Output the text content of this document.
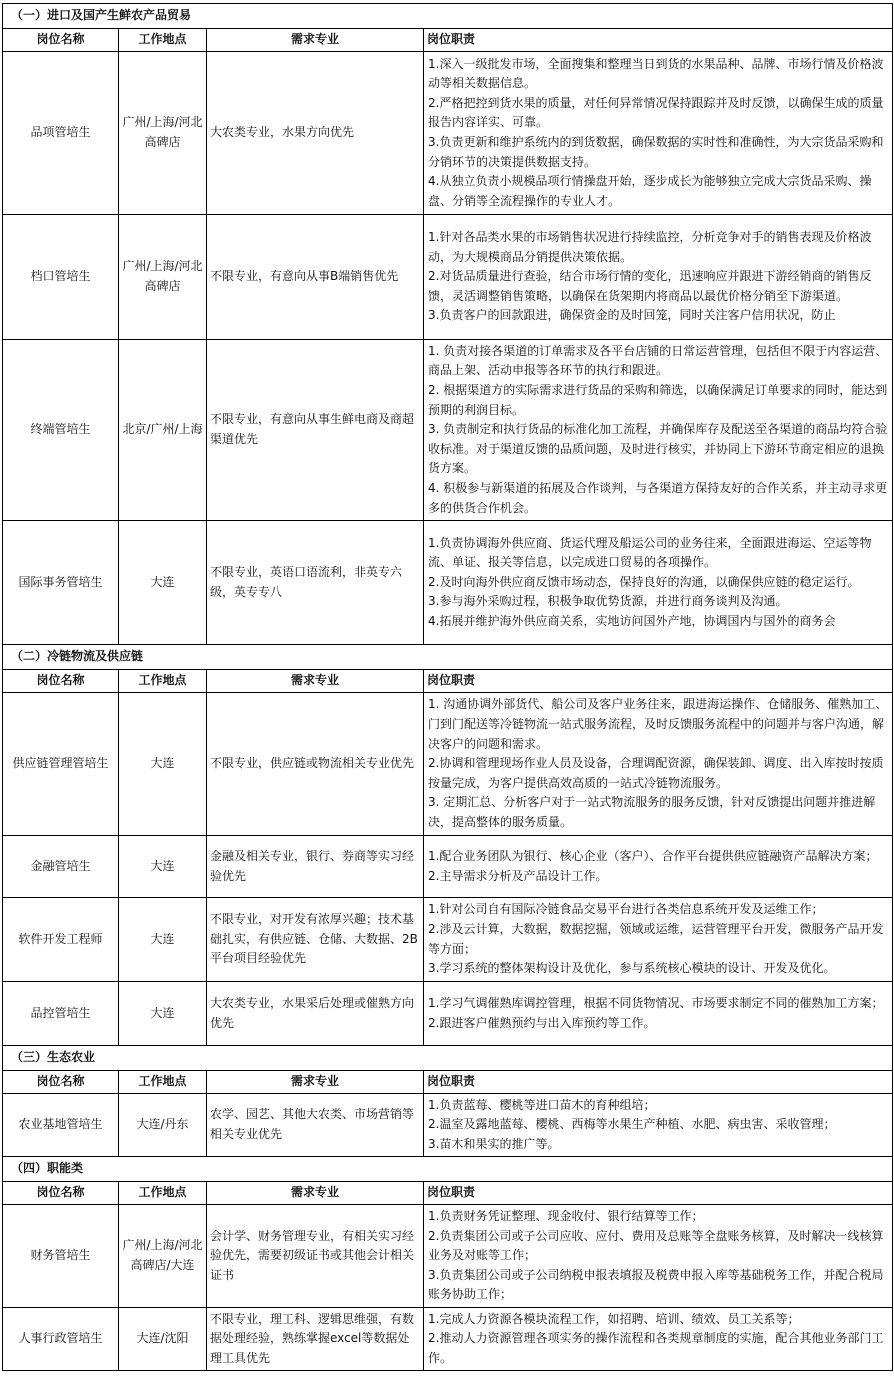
（一）进口及国产生鲜农产品贸易			
岗位名称	工作地点	需求专业	岗位职责
品项管培生	广州/上海/河北高碑店	大农类专业，水果方向优先	1.深入一级批发市场，全面搜集和整理当日到货的水果品种、品牌、市场行情及价格波动等相关数据信息。
2.严格把控到货水果的质量，对任何异常情况保持跟踪并及时反馈，以确保生成的质量报告内容详实、可靠。
3.负责更新和维护系统内的到货数据，确保数据的实时性和准确性，为大宗货品采购和分销环节的决策提供数据支持。
4.从独立负责小规模品项行情操盘开始，逐步成长为能够独立完成大宗货品采购、操盘、分销等全流程操作的专业人才。

档口管培生	广州/上海/河北高碑店	不限专业，有意向从事B端销售优先	1.针对各品类水果的市场销售状况进行持续监控，分析竞争对手的销售表现及价格波动，为大规模商品分销提供决策依据。
2.对货品质量进行查验，结合市场行情的变化，迅速响应并跟进下游经销商的销售反馈，灵活调整销售策略，以确保在货架期内将商品以最优价格分销至下游渠道。
3.负责客户的回款跟进，确保资金的及时回笼，同时关注客户信用状况，防止

终端管培生	北京/广州/上海	不限专业，有意向从事生鲜电商及商超渠道优先	1. 负责对接各渠道的订单需求及各平台店铺的日常运营管理，包括但不限于内容运营、商品上架、活动申报等各环节的执行和跟进。
2. 根据渠道方的实际需求进行货品的采购和筛选，以确保满足订单要求的同时，能达到预期的利润目标。
3. 负责制定和执行货品的标准化加工流程，并确保库存及配送至各渠道的商品均符合验收标准。对于渠道反馈的品质问题，及时进行核实，并协同上下游环节商定相应的退换货方案。
4. 积极参与新渠道的拓展及合作谈判，与各渠道方保持友好的合作关系，并主动寻求更多的供货合作机会。

国际事务管培生	大连	不限专业，英语口语流利，非英专六级，英专专八	1.负责协调海外供应商、货运代理及船运公司的业务往来，全面跟进海运、空运等物流、单证、报关等信息，以完成进口贸易的各项操作。
2.及时向海外供应商反馈市场动态，保持良好的沟通，以确保供应链的稳定运行。
3.参与海外采购过程，积极争取优势货源，并进行商务谈判及沟通。
4.拓展并维护海外供应商关系，实地访问国外产地，协调国内与国外的商务会

（二）冷链物流及供应链			
岗位名称	工作地点	需求专业	岗位职责
供应链管理管培生	大连	不限专业，供应链或物流相关专业优先	1. 沟通协调外部货代、船公司及客户业务往来，跟进海运操作、仓储服务、催熟加工、门到门配送等冷链物流一站式服务流程，及时反馈服务流程中的问题并与客户沟通，解决客户的问题和需求。
2.协调和管理现场作业人员及设备，合理调配资源，确保装卸、调度、出入库按时按质按量完成，为客户提供高效高质的一站式冷链物流服务。
3. 定期汇总、分析客户对于一站式物流服务的服务反馈，针对反馈提出问题并推进解决，提高整体的服务质量。

金融管培生	大连	金融及相关专业，银行、券商等实习经验优先	1.配合业务团队为银行、核心企业（客户）、合作平台提供供应链融资产品解决方案；
2.主导需求分析及产品设计工作。

软件开发工程师	大连	不限专业，对开发有浓厚兴趣；技术基础扎实，有供应链、仓储、大数据、2B平台项目经验优先	1.针对公司自有国际冷链食品交易平台进行各类信息系统开发及运维工作；
2.涉及云计算，大数据，数据挖掘，领域或运维，运营管理平台开发，微服务产品开发等方面；
3.学习系统的整体架构设计及优化，参与系统核心模块的设计、开发及优化。

品控管培生	大连	大农类专业，水果采后处理或催熟方向优先	1.学习气调催熟库调控管理，根据不同货物情况、市场要求制定不同的催熟加工方案；
2.跟进客户催熟预约与出入库预约等工作。

（三）生态农业			
岗位名称	工作地点	需求专业	岗位职责
农业基地管培生	大连/丹东	农学、园艺、其他大农类、市场营销等相关专业优先	1.负责蓝莓、樱桃等进口苗木的育种组培；
2.温室及露地蓝莓、樱桃、西梅等水果生产种植、水肥、病虫害、采收管理；
3.苗木和果实的推广等。

（四）职能类			
岗位名称	工作地点	需求专业	岗位职责
财务管培生	广州/上海/河北高碑店/大连	会计学、财务管理专业，有相关实习经验优先，需要初级证书或其他会计相关证书	1.负责财务凭证整理、现金收付、银行结算等工作；
2.负责集团公司或子公司应收、应付、费用及总账等全盘账务核算，及时解决一线核算业务及对账等工作；
3.负责集团公司或子公司纳税申报表填报及税费申报入库等基础税务工作，并配合税局账务协助工作；

人事行政管培生	大连/沈阳	不限专业，理工科、逻辑思维强，有数据处理经验，熟练掌握excel等数据处理工具优先	1.完成人力资源各模块流程工作，如招聘、培训、绩效、员工关系等；
2.推动人力资源管理各项实务的操作流程和各类规章制度的实施，配合其他业务部门工作。
